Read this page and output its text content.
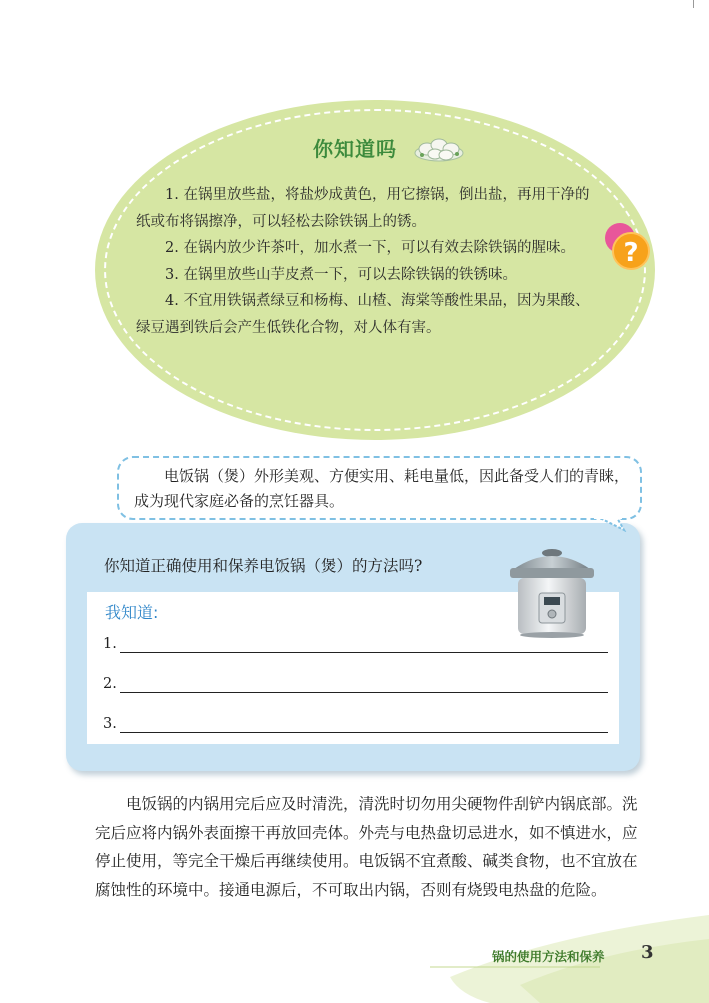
你知道吗

1. 在锅里放些盐，将盐炒成黄色，用它擦锅，倒出盐，再用干净的纸或布将锅擦净，可以轻松去除铁锅上的锈。

2. 在锅内放少许茶叶，加水煮一下，可以有效去除铁锅的腥味。

3. 在锅里放些山芋皮煮一下，可以去除铁锅的铁锈味。

4. 不宜用铁锅煮绿豆和杨梅、山楂、海棠等酸性果品，因为果酸、绿豆遇到铁后会产生低铁化合物，对人体有害。

?

电饭锅（煲）外形美观、方便实用、耗电量低，因此备受人们的青睐，成为现代家庭必备的烹饪器具。

你知道正确使用和保养电饭锅（煲）的方法吗?

我知道:

1.
2.
3.

电饭锅的内锅用完后应及时清洗，清洗时切勿用尖硬物件刮铲内锅底部。洗完后应将内锅外表面擦干再放回壳体。外壳与电热盘切忌进水，如不慎进水，应停止使用，等完全干燥后再继续使用。电饭锅不宜煮酸、碱类食物，也不宜放在腐蚀性的环境中。接通电源后，不可取出内锅，否则有烧毁电热盘的危险。

锅的使用方法和保养 3
